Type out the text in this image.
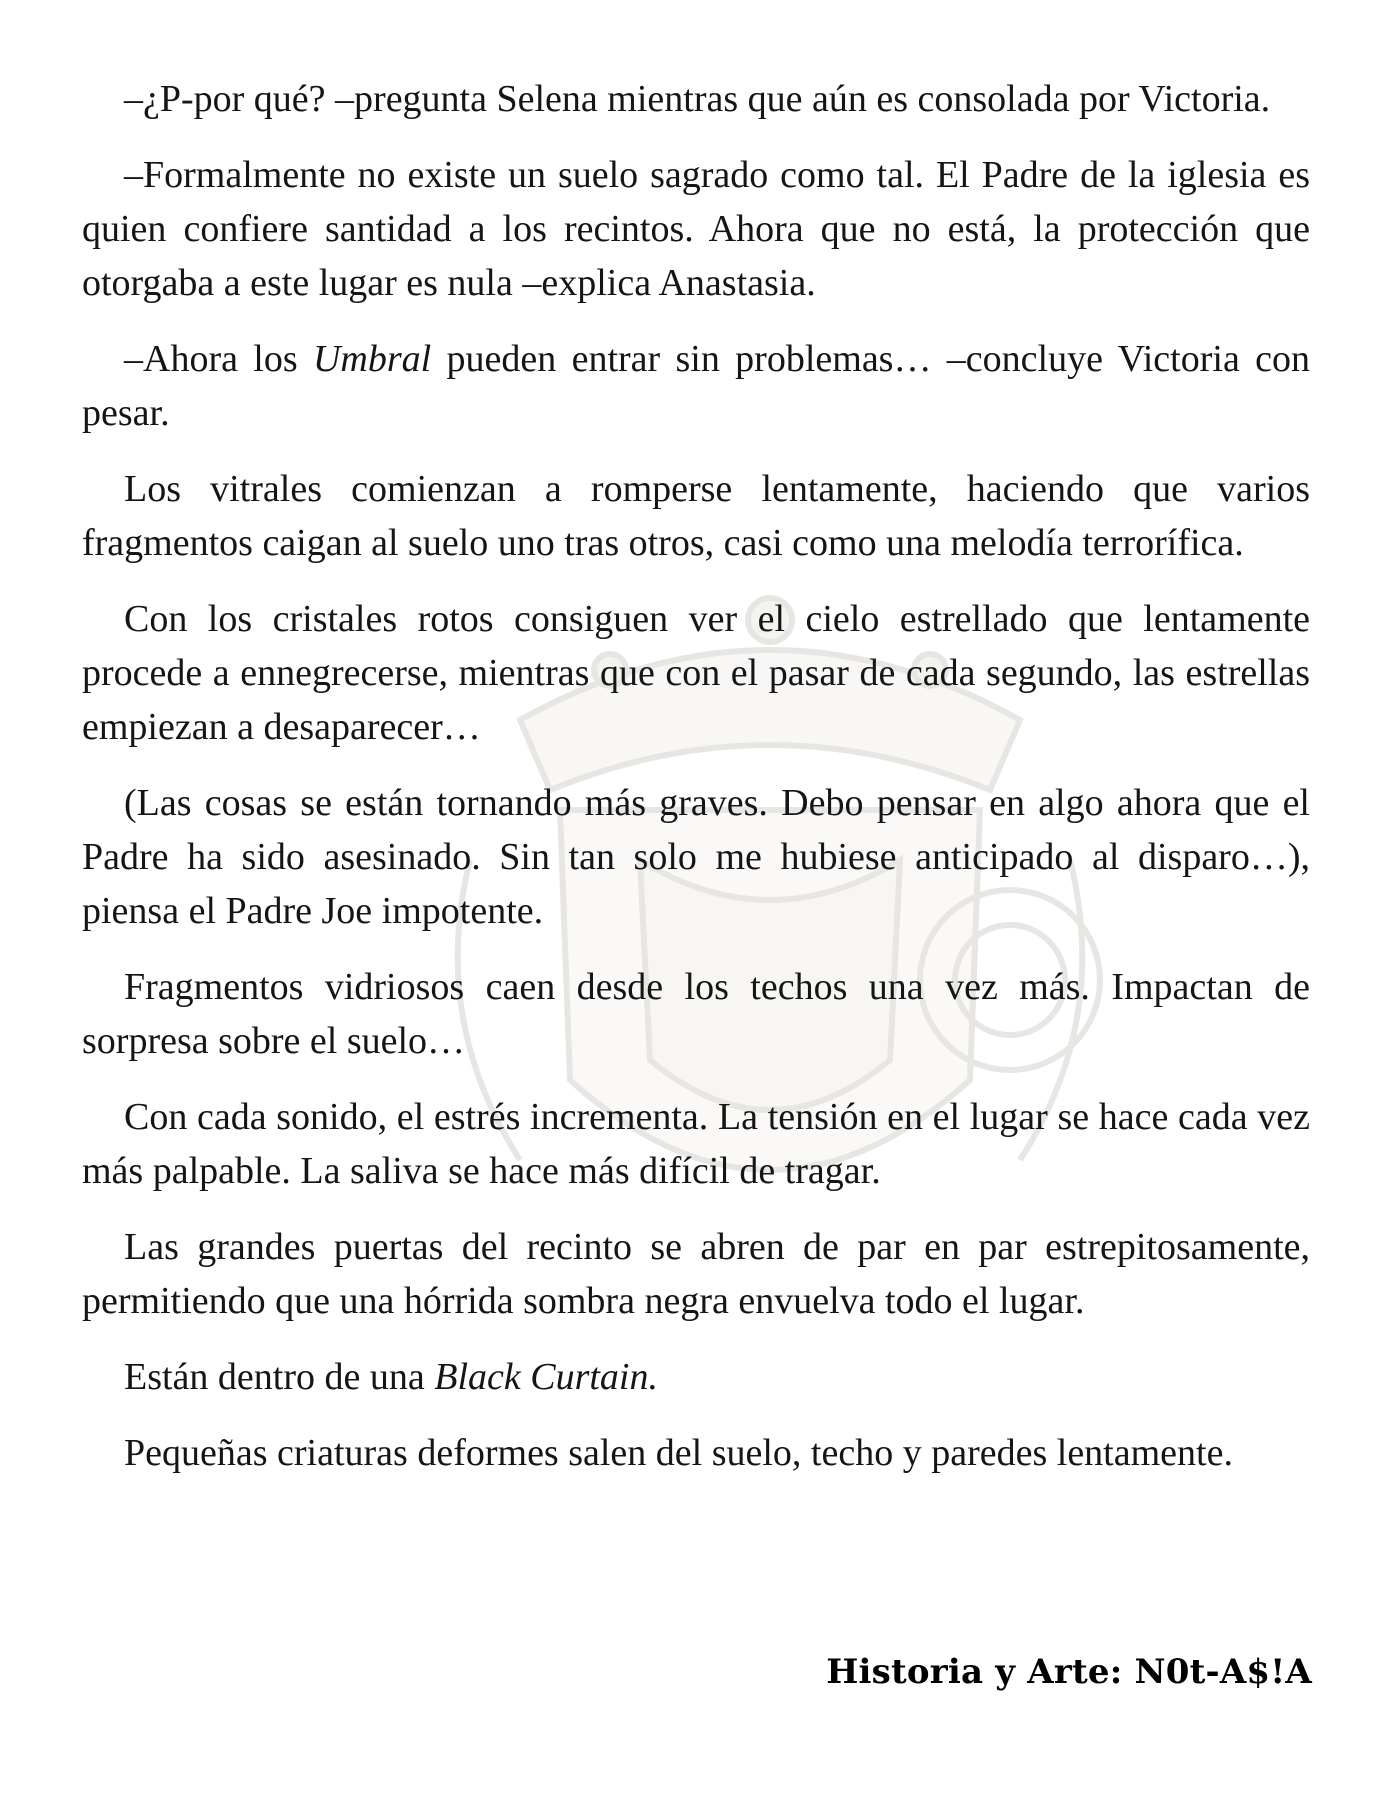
–¿P-por qué? –pregunta Selena mientras que aún es consolada por Victoria.

–Formalmente no existe un suelo sagrado como tal. El Padre de la iglesia es quien confiere santidad a los recintos. Ahora que no está, la protección que otorgaba a este lugar es nula –explica Anastasia.

–Ahora los Umbral pueden entrar sin problemas… –concluye Victoria con pesar.

Los vitrales comienzan a romperse lentamente, haciendo que varios fragmentos caigan al suelo uno tras otros, casi como una melodía terrorífica.

Con los cristales rotos consiguen ver el cielo estrellado que lentamente procede a ennegrecerse, mientras que con el pasar de cada segundo, las estrellas empiezan a desaparecer…

(Las cosas se están tornando más graves. Debo pensar en algo ahora que el Padre ha sido asesinado. Sin tan solo me hubiese anticipado al disparo…), piensa el Padre Joe impotente.

Fragmentos vidriosos caen desde los techos una vez más. Impactan de sorpresa sobre el suelo…

Con cada sonido, el estrés incrementa. La tensión en el lugar se hace cada vez más palpable. La saliva se hace más difícil de tragar.

Las grandes puertas del recinto se abren de par en par estrepitosamente, permitiendo que una hórrida sombra negra envuelva todo el lugar.

Están dentro de una Black Curtain.

Pequeñas criaturas deformes salen del suelo, techo y paredes lentamente.

Historia y Arte: N0t-A$!A
